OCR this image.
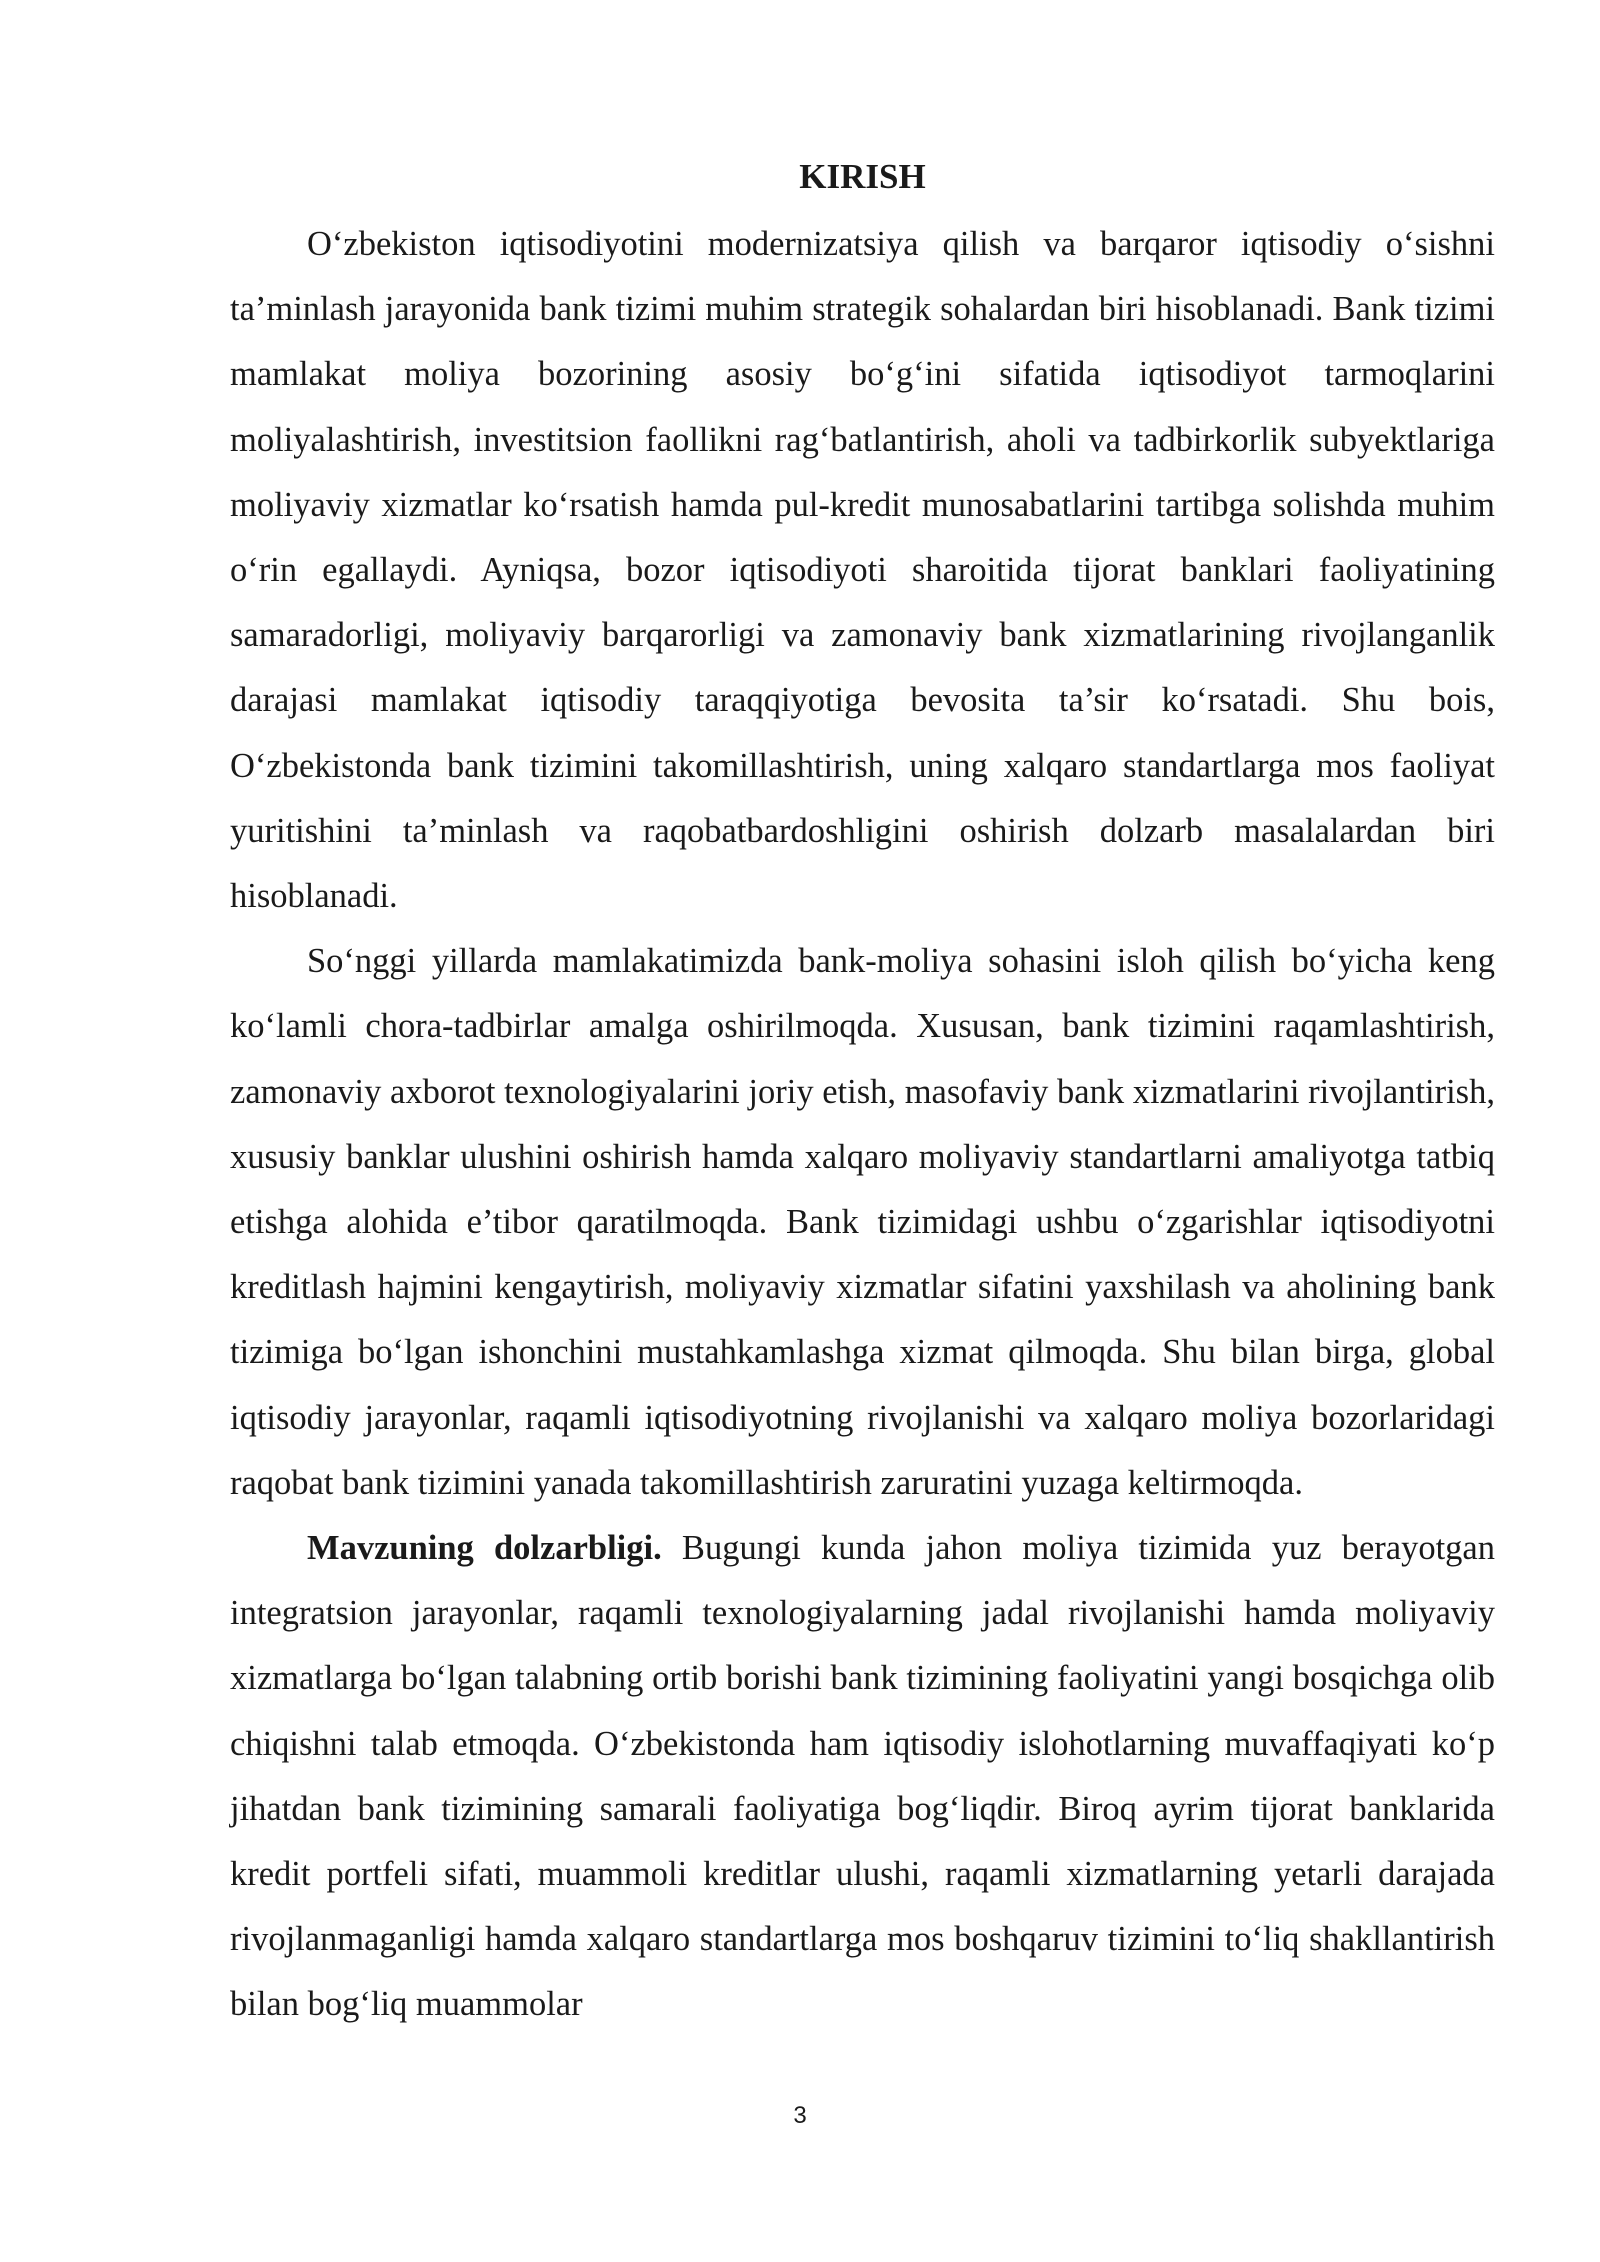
KIRISH

O‘zbekiston iqtisodiyotini modernizatsiya qilish va barqaror iqtisodiy o‘sishni ta’minlash jarayonida bank tizimi muhim strategik sohalardan biri hisoblanadi. Bank tizimi mamlakat moliya bozorining asosiy bo‘g‘ini sifatida iqtisodiyot tarmoqlarini moliyalashtirish, investitsion faollikni rag‘batlantirish, aholi va tadbirkorlik subyektlariga moliyaviy xizmatlar ko‘rsatish hamda pul-kredit munosabatlarini tartibga solishda muhim o‘rin egallaydi. Ayniqsa, bozor iqtisodiyoti sharoitida tijorat banklari faoliyatining samaradorligi, moliyaviy barqarorligi va zamonaviy bank xizmatlarining rivojlanganlik darajasi mamlakat iqtisodiy taraqqiyotiga bevosita ta’sir ko‘rsatadi. Shu bois, O‘zbekistonda bank tizimini takomillashtirish, uning xalqaro standartlarga mos faoliyat yuritishini ta’minlash va raqobatbardoshligini oshirish dolzarb masalalardan biri hisoblanadi.

So‘nggi yillarda mamlakatimizda bank-moliya sohasini isloh qilish bo‘yicha keng ko‘lamli chora-tadbirlar amalga oshirilmoqda. Xususan, bank tizimini raqamlashtirish, zamonaviy axborot texnologiyalarini joriy etish, masofaviy bank xizmatlarini rivojlantirish, xususiy banklar ulushini oshirish hamda xalqaro moliyaviy standartlarni amaliyotga tatbiq etishga alohida e’tibor qaratilmoqda. Bank tizimidagi ushbu o‘zgarishlar iqtisodiyotni kreditlash hajmini kengaytirish, moliyaviy xizmatlar sifatini yaxshilash va aholining bank tizimiga bo‘lgan ishonchini mustahkamlashga xizmat qilmoqda. Shu bilan birga, global iqtisodiy jarayonlar, raqamli iqtisodiyotning rivojlanishi va xalqaro moliya bozorlaridagi raqobat bank tizimini yanada takomillashtirish zaruratini yuzaga keltirmoqda.

Mavzuning dolzarbligi. Bugungi kunda jahon moliya tizimida yuz berayotgan integratsion jarayonlar, raqamli texnologiyalarning jadal rivojlanishi hamda moliyaviy xizmatlarga bo‘lgan talabning ortib borishi bank tizimining faoliyatini yangi bosqichga olib chiqishni talab etmoqda. O‘zbekistonda ham iqtisodiy islohotlarning muvaffaqiyati ko‘p jihatdan bank tizimining samarali faoliyatiga bog‘liqdir. Biroq ayrim tijorat banklarida kredit portfeli sifati, muammoli kreditlar ulushi, raqamli xizmatlarning yetarli darajada rivojlanmaganligi hamda xalqaro standartlarga mos boshqaruv tizimini to‘liq shakllantirish bilan bog‘liq muammolar

3
